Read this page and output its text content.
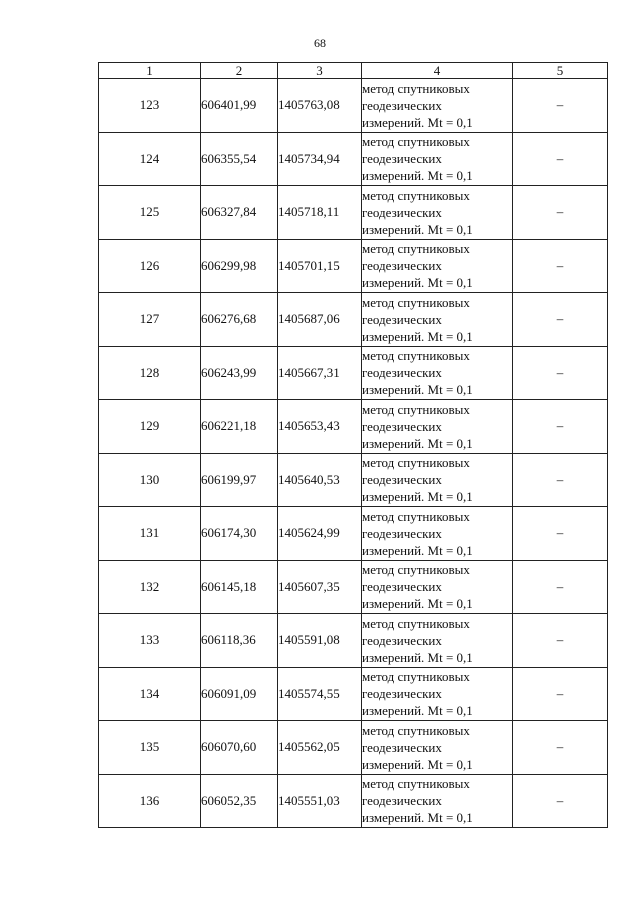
68
1	2	3	4	5
123	606401,99	1405763,08	метод спутниковых
геодезических
измерений. Mt = 0,1	–
124	606355,54	1405734,94	метод спутниковых
геодезических
измерений. Mt = 0,1	–
125	606327,84	1405718,11	метод спутниковых
геодезических
измерений. Mt = 0,1	–
126	606299,98	1405701,15	метод спутниковых
геодезических
измерений. Mt = 0,1	–
127	606276,68	1405687,06	метод спутниковых
геодезических
измерений. Mt = 0,1	–
128	606243,99	1405667,31	метод спутниковых
геодезических
измерений. Mt = 0,1	–
129	606221,18	1405653,43	метод спутниковых
геодезических
измерений. Mt = 0,1	–
130	606199,97	1405640,53	метод спутниковых
геодезических
измерений. Mt = 0,1	–
131	606174,30	1405624,99	метод спутниковых
геодезических
измерений. Mt = 0,1	–
132	606145,18	1405607,35	метод спутниковых
геодезических
измерений. Mt = 0,1	–
133	606118,36	1405591,08	метод спутниковых
геодезических
измерений. Mt = 0,1	–
134	606091,09	1405574,55	метод спутниковых
геодезических
измерений. Mt = 0,1	–
135	606070,60	1405562,05	метод спутниковых
геодезических
измерений. Mt = 0,1	–
136	606052,35	1405551,03	метод спутниковых
геодезических
измерений. Mt = 0,1	–
